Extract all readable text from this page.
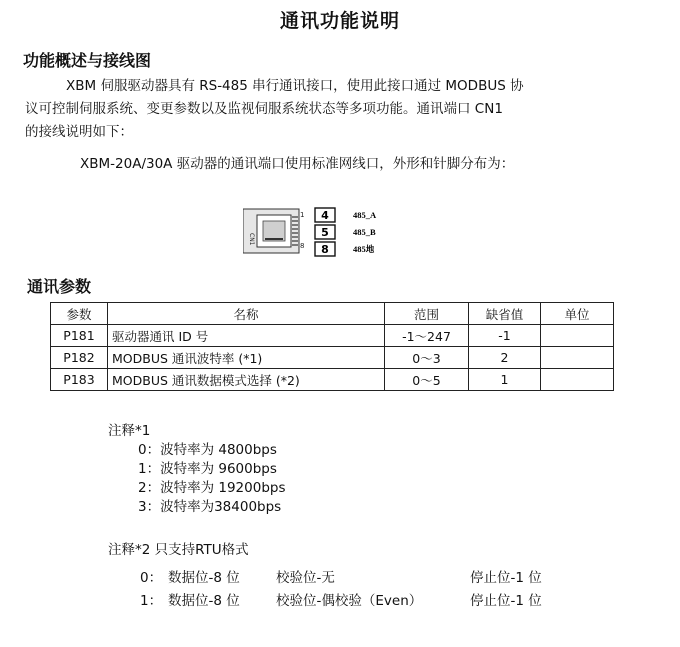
通讯功能说明
功能概述与接线图
XBM 伺服驱动器具有 RS-485 串行通讯接口，使用此接口通过 MODBUS 协
议可控制伺服系统、变更参数以及监视伺服系统状态等多项功能。通讯端口 CN1
的接线说明如下：
XBM-20A/30A 驱动器的通讯端口使用标准网线口，外形和针脚分布为：
CN1
1
8
4
5
8
485_A
485_B
485地
通讯参数
参数	名称	范围	缺省值	单位
P181	驱动器通讯 ID 号	-1～247	-1	
P182	MODBUS 通讯波特率 (*1)	0～3	2	
P183	MODBUS 通讯数据模式选择 (*2)	0～5	1	
注释*1
0：波特率为 4800bps
1：波特率为 9600bps
2：波特率为 19200bps
3：波特率为38400bps
注释*2 只支持RTU格式
0： 数据位-8 位	校验位-无	停止位-1 位
1： 数据位-8 位	校验位-偶校验（Even）	停止位-1 位
